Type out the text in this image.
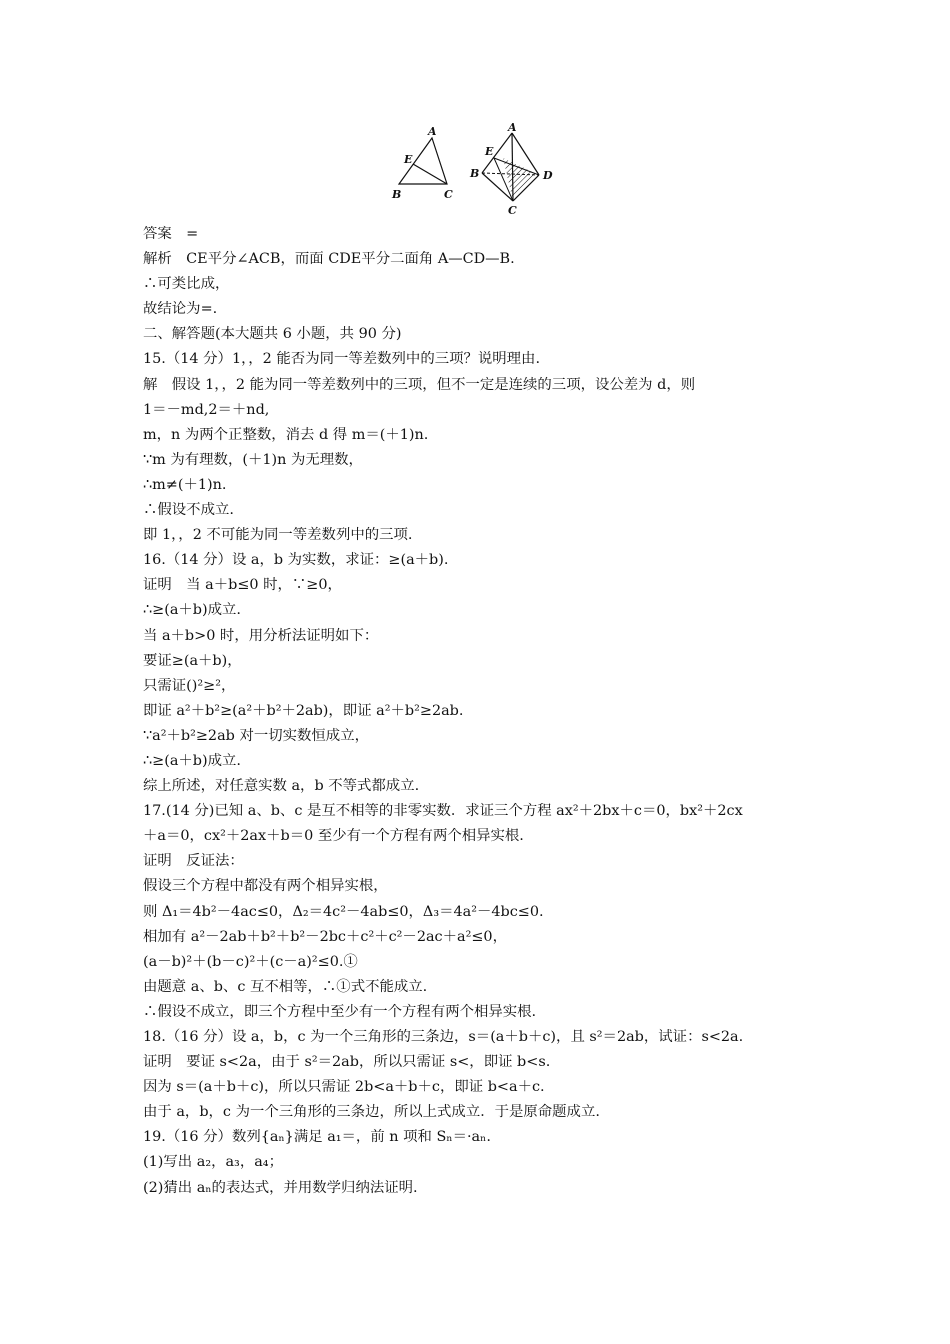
A
E
B	C
A
E
B	D
C
答案　=
解析　CE平分∠ACB，而面 CDE平分二面角 A—CD—B.
∴可类比成，
故结论为=.
二、解答题(本大题共 6 小题，共 90 分)
15.（14 分）1，，2 能否为同一等差数列中的三项？说明理由.
解　假设 1，，2 能为同一等差数列中的三项，但不一定是连续的三项，设公差为 d，则
1＝－md,2＝＋nd,
m，n 为两个正整数，消去 d 得 m＝(＋1)n.
∵m 为有理数，(＋1)n 为无理数，
∴m≠(＋1)n.
∴假设不成立.
即 1，，2 不可能为同一等差数列中的三项.
16.（14 分）设 a，b 为实数，求证：≥(a＋b).
证明　当 a＋b≤0 时，∵≥0，
∴≥(a＋b)成立.
当 a＋b>0 时，用分析法证明如下：
要证≥(a＋b)，
只需证()²≥²，
即证 a²＋b²≥(a²＋b²＋2ab)，即证 a²＋b²≥2ab.
∵a²＋b²≥2ab 对一切实数恒成立，
∴≥(a＋b)成立.
综上所述，对任意实数 a，b 不等式都成立.
17.(14 分)已知 a、b、c 是互不相等的非零实数．求证三个方程 ax²＋2bx＋c＝0，bx²＋2cx
＋a＝0，cx²＋2ax＋b＝0 至少有一个方程有两个相异实根.
证明　反证法：
假设三个方程中都没有两个相异实根，
则 Δ₁＝4b²－4ac≤0，Δ₂＝4c²－4ab≤0，Δ₃＝4a²－4bc≤0.
相加有 a²－2ab＋b²＋b²－2bc＋c²＋c²－2ac＋a²≤0，
(a－b)²＋(b－c)²＋(c－a)²≤0.①
由题意 a、b、c 互不相等，∴①式不能成立.
∴假设不成立，即三个方程中至少有一个方程有两个相异实根.
18.（16 分）设 a，b，c 为一个三角形的三条边，s＝(a＋b＋c)，且 s²＝2ab，试证：s<2a.
证明　要证 s<2a，由于 s²＝2ab，所以只需证 s<，即证 b<s.
因为 s＝(a＋b＋c)，所以只需证 2b<a＋b＋c，即证 b<a＋c.
由于 a，b，c 为一个三角形的三条边，所以上式成立．于是原命题成立.
19.（16 分）数列{aₙ}满足 a₁＝，前 n 项和 Sₙ＝·aₙ.
(1)写出 a₂，a₃，a₄；
(2)猜出 aₙ的表达式，并用数学归纳法证明.
